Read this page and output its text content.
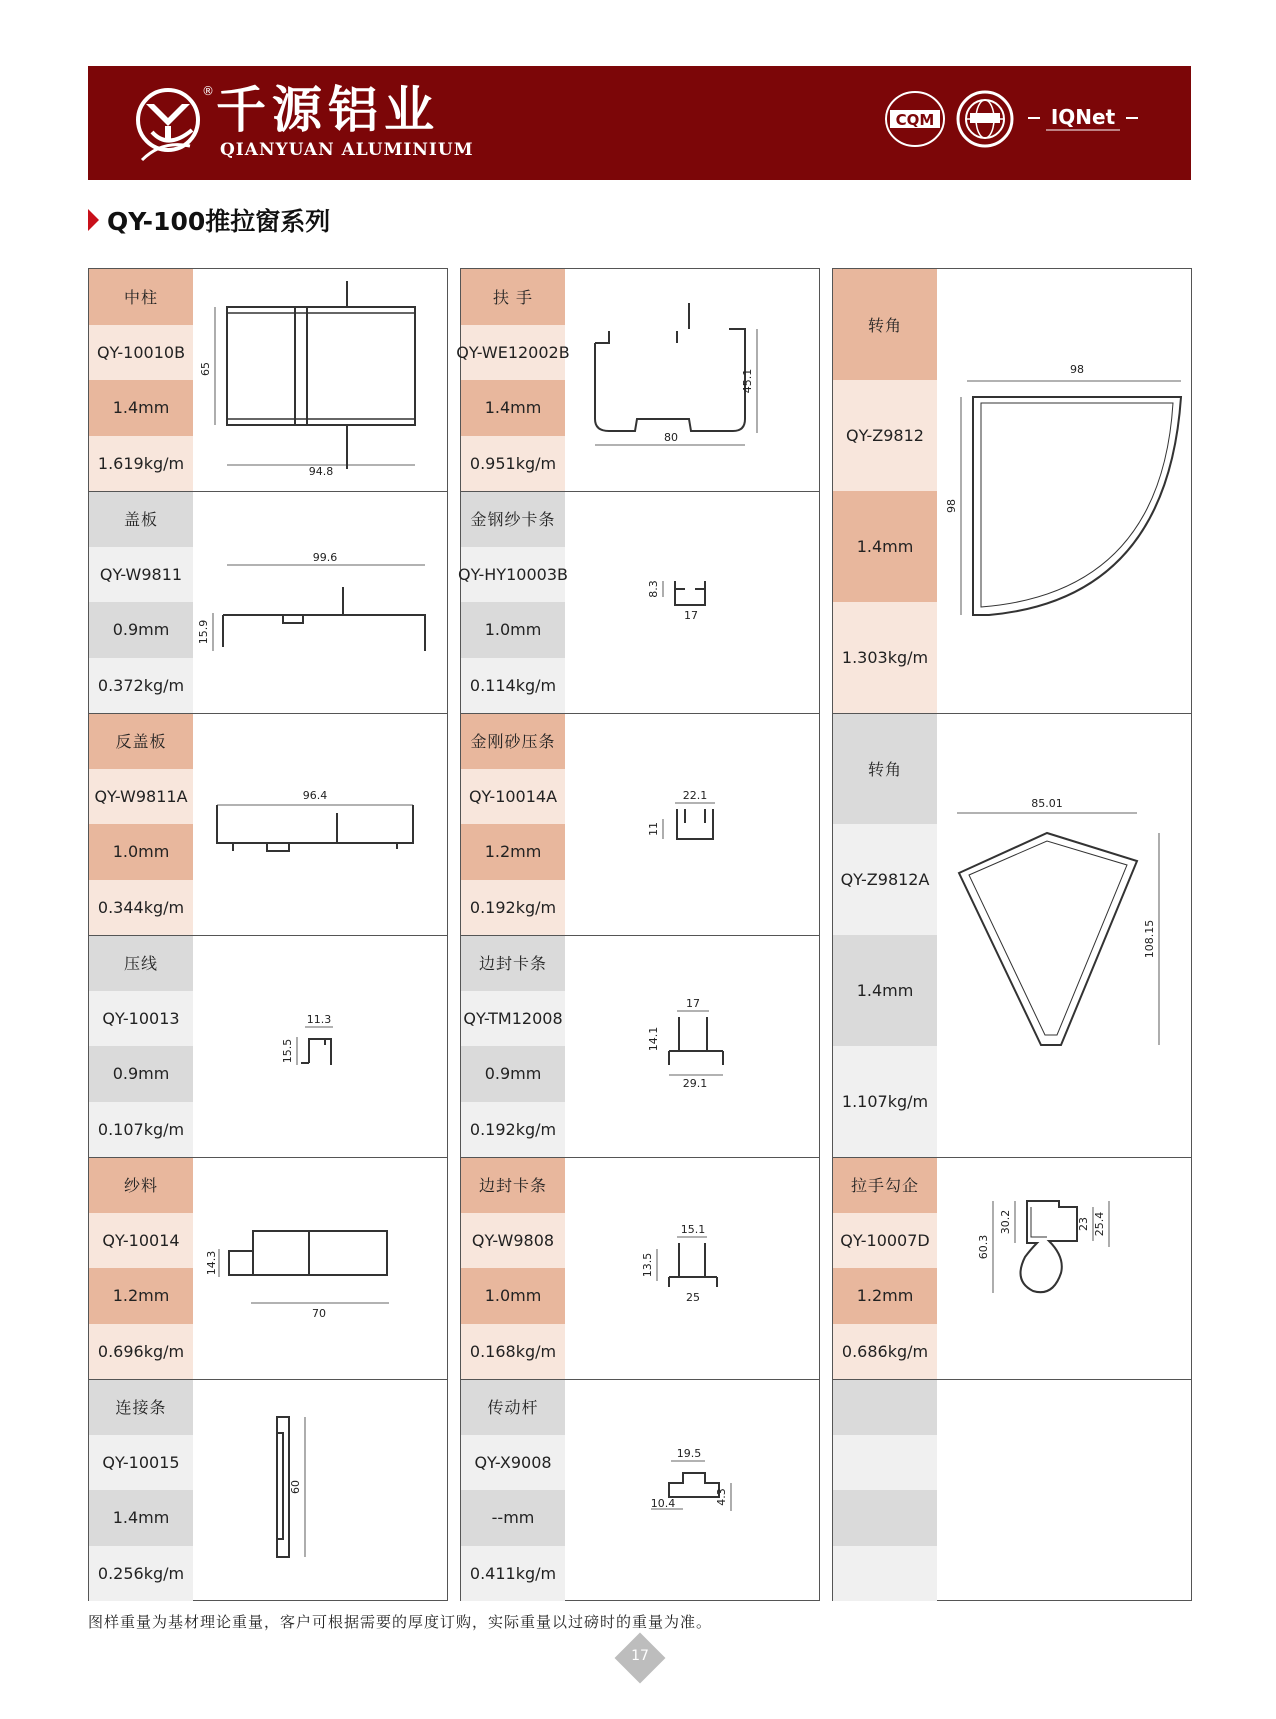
® 千源铝业
QIANYUAN ALUMINIUM
CQM	IQNet
QY-100推拉窗系列
中柱
QY-10010B
1.4mm
1.619kg/m
65
94.8
盖板
QY-W9811
0.9mm
0.372kg/m
99.6
15.9
反盖板
QY-W9811A
1.0mm
0.344kg/m
96.4
压线
QY-10013
0.9mm
0.107kg/m
11.3
15.5
纱料
QY-10014
1.2mm
0.696kg/m
14.3
70
连接条
QY-10015
1.4mm
0.256kg/m
60
扶 手
QY-WE12002B
1.4mm
0.951kg/m
45.1
80
金钢纱卡条
QY-HY10003B
1.0mm
0.114kg/m
8.3
17
金刚砂压条
QY-10014A
1.2mm
0.192kg/m
22.1
11
边封卡条
QY-TM12008
0.9mm
0.192kg/m
17
14.1
29.1
边封卡条
QY-W9808
1.0mm
0.168kg/m
15.1
13.5
25
传动杆
QY-X9008
--mm
0.411kg/m
19.5
10.4	4.3
转角
QY-Z9812
1.4mm
1.303kg/m
98
98
转角
QY-Z9812A
1.4mm
1.107kg/m
85.01
108.15
拉手勾企
QY-10007D
1.2mm
0.686kg/m
30.2
60.3
23 25.4
图样重量为基材理论重量，客户可根据需要的厚度订购，实际重量以过磅时的重量为准。
17
